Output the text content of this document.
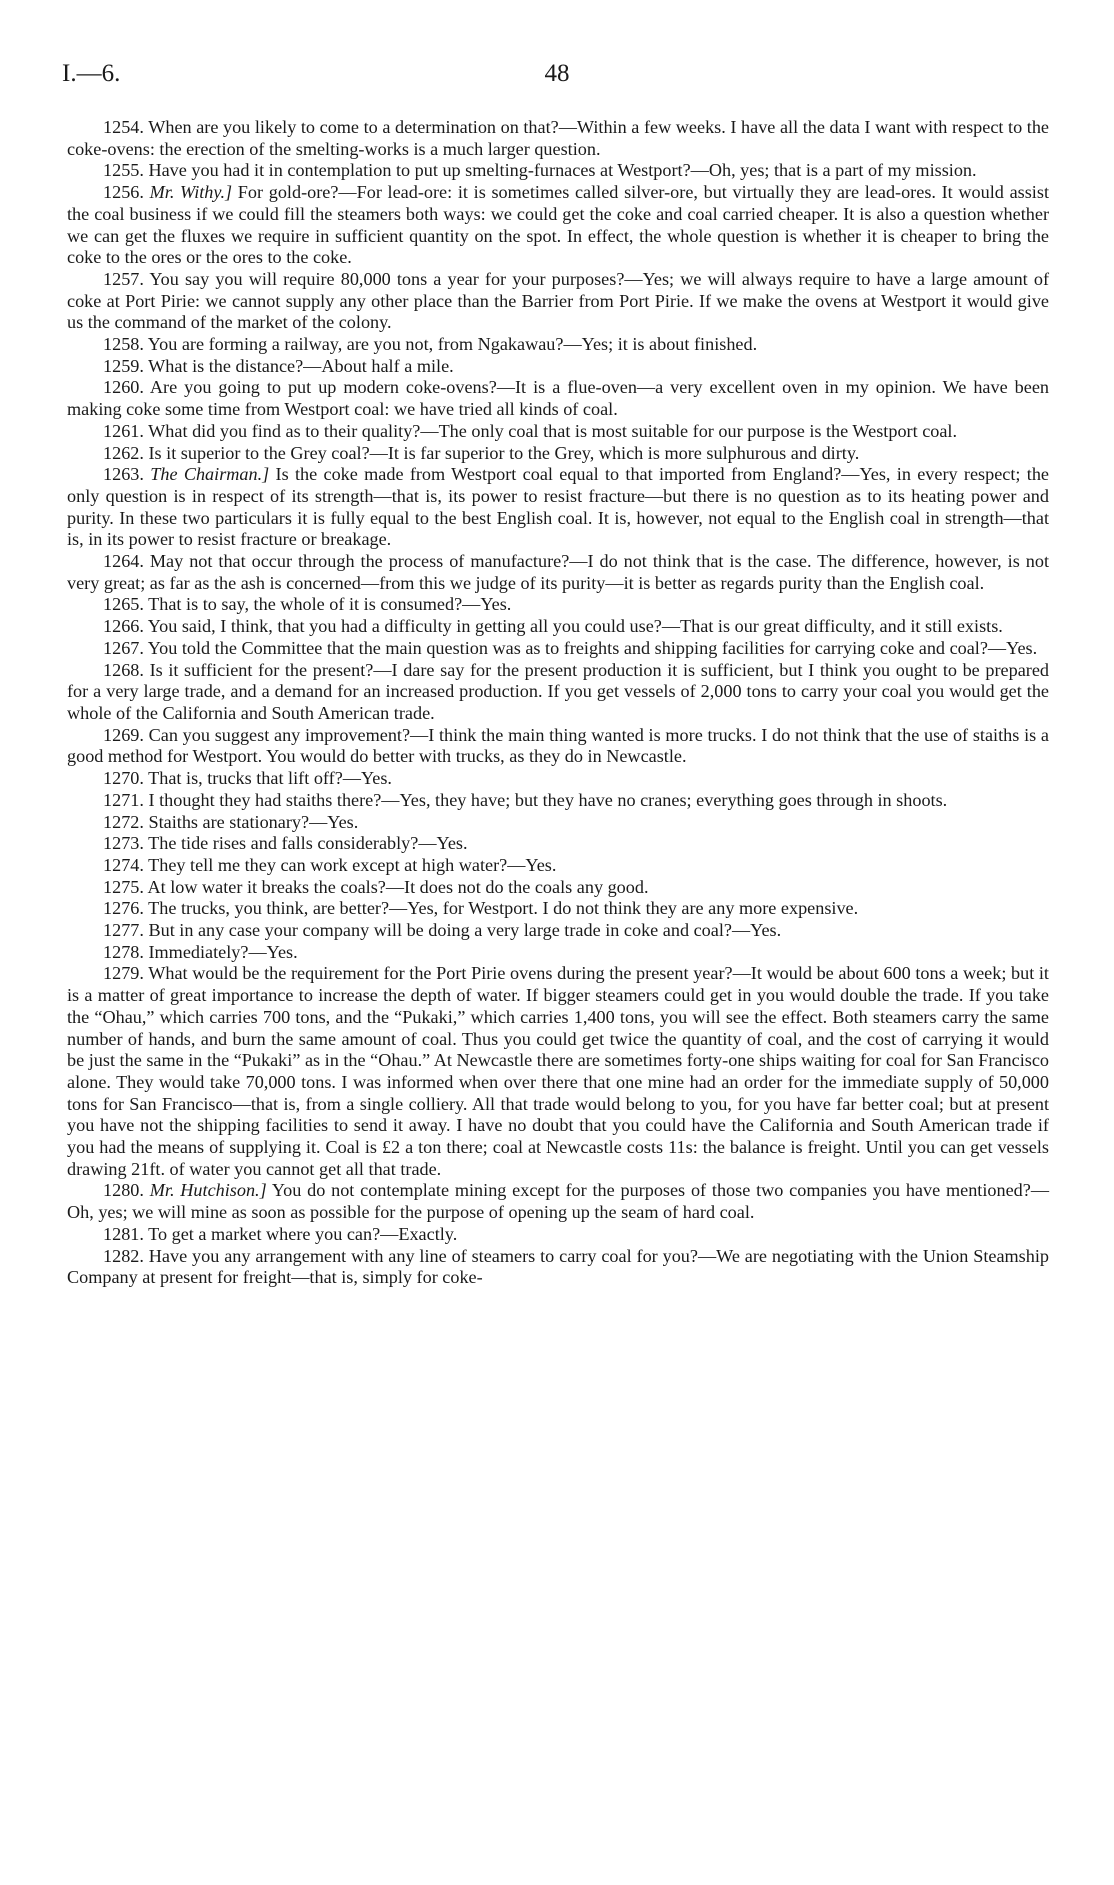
I.—6.	48

1254. When are you likely to come to a determination on that?—Within a few weeks. I have all the data I want with respect to the coke-ovens: the erection of the smelting-works is a much larger question.

1255. Have you had it in contemplation to put up smelting-furnaces at Westport?—Oh, yes; that is a part of my mission.

1256. Mr. Withy.] For gold-ore?—For lead-ore: it is sometimes called silver-ore, but virtually they are lead-ores. It would assist the coal business if we could fill the steamers both ways: we could get the coke and coal carried cheaper. It is also a question whether we can get the fluxes we require in sufficient quantity on the spot. In effect, the whole question is whether it is cheaper to bring the coke to the ores or the ores to the coke.

1257. You say you will require 80,000 tons a year for your purposes?—Yes; we will always require to have a large amount of coke at Port Pirie: we cannot supply any other place than the Barrier from Port Pirie. If we make the ovens at Westport it would give us the command of the market of the colony.

1258. You are forming a railway, are you not, from Ngakawau?—Yes; it is about finished.

1259. What is the distance?—About half a mile.

1260. Are you going to put up modern coke-ovens?—It is a flue-oven—a very excellent oven in my opinion. We have been making coke some time from Westport coal: we have tried all kinds of coal.

1261. What did you find as to their quality?—The only coal that is most suitable for our purpose is the Westport coal.

1262. Is it superior to the Grey coal?—It is far superior to the Grey, which is more sulphurous and dirty.

1263. The Chairman.] Is the coke made from Westport coal equal to that imported from England?—Yes, in every respect; the only question is in respect of its strength—that is, its power to resist fracture—but there is no question as to its heating power and purity. In these two particulars it is fully equal to the best English coal. It is, however, not equal to the English coal in strength—that is, in its power to resist fracture or breakage.

1264. May not that occur through the process of manufacture?—I do not think that is the case. The difference, however, is not very great; as far as the ash is concerned—from this we judge of its purity—it is better as regards purity than the English coal.

1265. That is to say, the whole of it is consumed?—Yes.

1266. You said, I think, that you had a difficulty in getting all you could use?—That is our great difficulty, and it still exists.

1267. You told the Committee that the main question was as to freights and shipping facilities for carrying coke and coal?—Yes.

1268. Is it sufficient for the present?—I dare say for the present production it is sufficient, but I think you ought to be prepared for a very large trade, and a demand for an increased production. If you get vessels of 2,000 tons to carry your coal you would get the whole of the California and South American trade.

1269. Can you suggest any improvement?—I think the main thing wanted is more trucks. I do not think that the use of staiths is a good method for Westport. You would do better with trucks, as they do in Newcastle.

1270. That is, trucks that lift off?—Yes.

1271. I thought they had staiths there?—Yes, they have; but they have no cranes; everything goes through in shoots.

1272. Staiths are stationary?—Yes.

1273. The tide rises and falls considerably?—Yes.

1274. They tell me they can work except at high water?—Yes.

1275. At low water it breaks the coals?—It does not do the coals any good.

1276. The trucks, you think, are better?—Yes, for Westport. I do not think they are any more expensive.

1277. But in any case your company will be doing a very large trade in coke and coal?—Yes.

1278. Immediately?—Yes.

1279. What would be the requirement for the Port Pirie ovens during the present year?—It would be about 600 tons a week; but it is a matter of great importance to increase the depth of water. If bigger steamers could get in you would double the trade. If you take the “Ohau,” which carries 700 tons, and the “Pukaki,” which carries 1,400 tons, you will see the effect. Both steamers carry the same number of hands, and burn the same amount of coal. Thus you could get twice the quantity of coal, and the cost of carrying it would be just the same in the “Pukaki” as in the “Ohau.” At Newcastle there are sometimes forty-one ships waiting for coal for San Francisco alone. They would take 70,000 tons. I was informed when over there that one mine had an order for the immediate supply of 50,000 tons for San Francisco—that is, from a single colliery. All that trade would belong to you, for you have far better coal; but at present you have not the shipping facilities to send it away. I have no doubt that you could have the California and South American trade if you had the means of supplying it. Coal is £2 a ton there; coal at Newcastle costs 11s: the balance is freight. Until you can get vessels drawing 21ft. of water you cannot get all that trade.

1280. Mr. Hutchison.] You do not contemplate mining except for the purposes of those two companies you have mentioned?—Oh, yes; we will mine as soon as possible for the purpose of opening up the seam of hard coal.

1281. To get a market where you can?—Exactly.

1282. Have you any arrangement with any line of steamers to carry coal for you?—We are negotiating with the Union Steamship Company at present for freight—that is, simply for coke-
